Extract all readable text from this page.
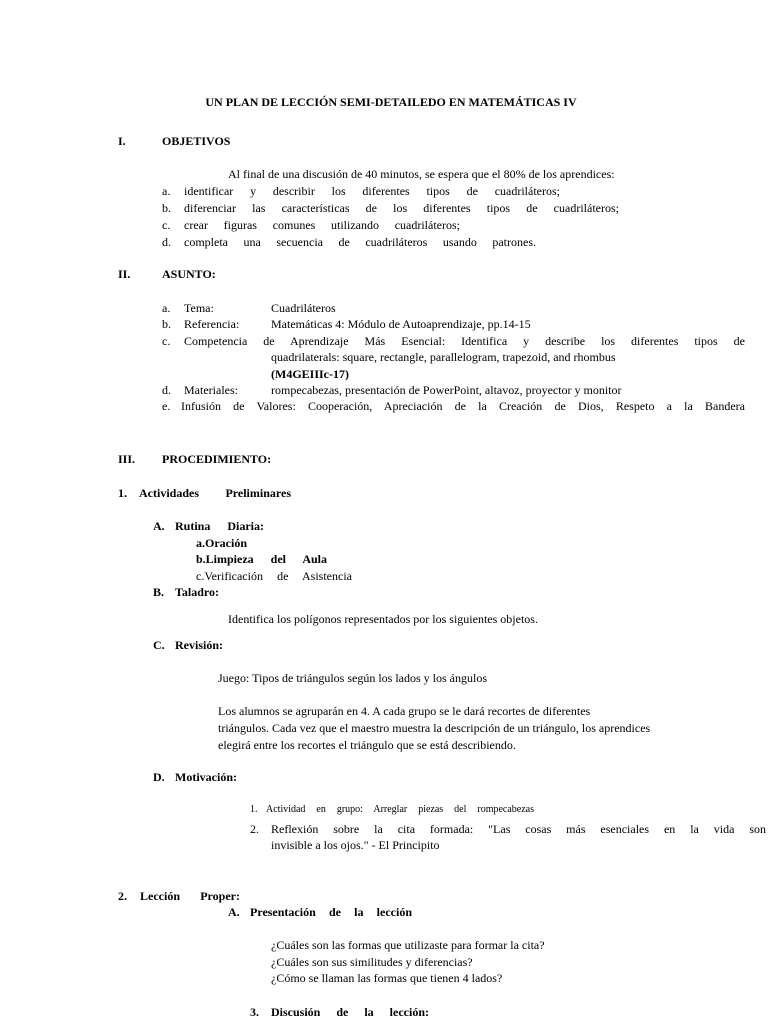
UN PLAN DE LECCIÓN SEMI-DETAILEDO EN MATEMÁTICAS IV
I.	OBJETIVOS
Al final de una discusión de 40 minutos, se espera que el 80% de los aprendices:
a. identificar y describir los diferentes tipos de cuadriláteros;
b. diferenciar las características de los diferentes tipos de cuadriláteros;
c. crear figuras comunes utilizando cuadriláteros;
d. completa una secuencia de cuadriláteros usando patrones.
II.	ASUNTO:
a. Tema:	Cuadriláteros
b. Referencia:	Matemáticas 4: Módulo de Autoaprendizaje, pp.14-15
c. Competencia de Aprendizaje Más Esencial: Identifica y describe los diferentes tipos de
quadrilaterals: square, rectangle, parallelogram, trapezoid, and rhombus
(M4GEIIIc-17)
d. Materiales:	rompecabezas, presentación de PowerPoint, altavoz, proyector y monitor
e. Infusión de Valores: Cooperación, Apreciación de la Creación de Dios, Respeto a la Bandera
III. PROCEDIMIENTO:
1. Actividades Preliminares
A. Rutina Diaria:
a.Oración
b.Limpieza del Aula
c.Verificación de Asistencia
B. Taladro:
Identifica los polígonos representados por los siguientes objetos.
C. Revisión:
Juego: Tipos de triángulos según los lados y los ángulos
Los alumnos se agruparán en 4. A cada grupo se le dará recortes de diferentes
triángulos. Cada vez que el maestro muestra la descripción de un triángulo, los aprendices
elegirá entre los recortes el triángulo que se está describiendo.
D. Motivación:
1. Actividad en grupo: Arreglar piezas del rompecabezas
2. Reflexión sobre la cita formada: "Las cosas más esenciales en la vida son
invisible a los ojos." - El Principito
2. Lección Proper:
A. Presentación de la lección
¿Cuáles son las formas que utilizaste para formar la cita?
¿Cuáles son sus similitudes y diferencias?
¿Cómo se llaman las formas que tienen 4 lados?
3. Discusión de la lección:
